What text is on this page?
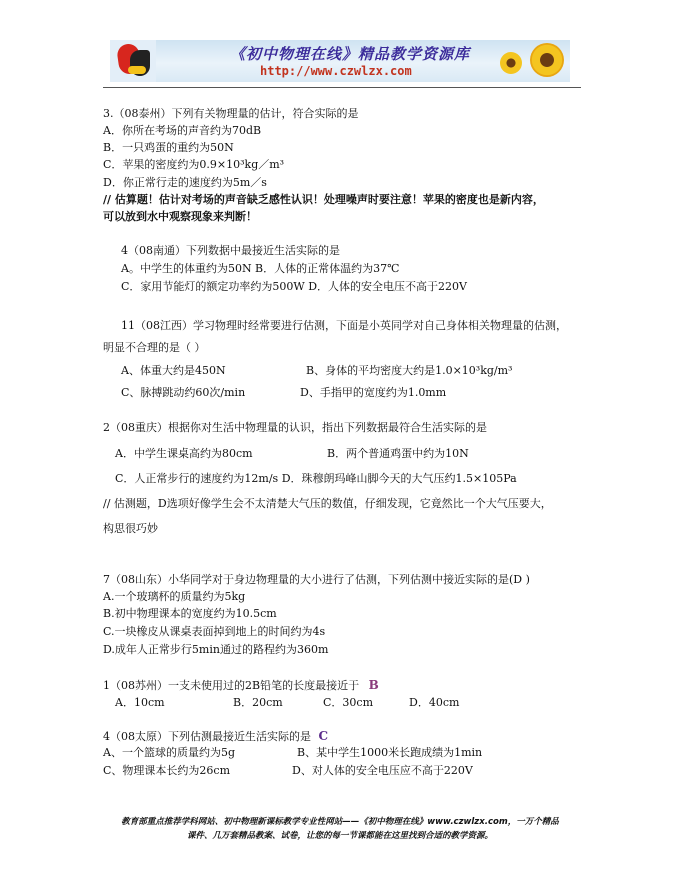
《初中物理在线》精品教学资源库
http://www.czwlzx.com
3.（08泰州）下列有关物理量的估计，符合实际的是
A．你所在考场的声音约为70dB
B．一只鸡蛋的重约为50N
C．苹果的密度约为0.9×10³kg／m³
D．你正常行走的速度约为5m／s
// 估算题！估计对考场的声音缺乏感性认识！处理噪声时要注意！苹果的密度也是新内容，
可以放到水中观察现象来判断！
4（08南通）下列数据中最接近生活实际的是
A。中学生的体重约为50N B．人体的正常体温约为37℃
C．家用节能灯的额定功率约为500W D．人体的安全电压不高于220V
11（08江西）学习物理时经常要进行估测，下面是小英同学对自己身体相关物理量的估测，
明显不合理的是（ ）
A、体重大约是450N	B、身体的平均密度大约是1.0×10³kg/m³
C、脉搏跳动约60次/min	D、手指甲的宽度约为1.0mm
2（08重庆）根据你对生活中物理量的认识，指出下列数据最符合生活实际的是
A．中学生课桌高约为80cm	B．两个普通鸡蛋中约为10N
C．人正常步行的速度约为12m/s D．珠穆朗玛峰山脚今天的大气压约1.5×105Pa
// 估测题，D选项好像学生会不太清楚大气压的数值，仔细发现，它竟然比一个大气压要大，
构思很巧妙
7（08山东）小华同学对于身边物理量的大小进行了估测，下列估测中接近实际的是(D )
A.一个玻璃杯的质量约为5kg
B.初中物理课本的宽度约为10.5cm
C.一块橡皮从课桌表面掉到地上的时间约为4s
D.成年人正常步行5min通过的路程约为360m
1（08苏州）一支未使用过的2B铅笔的长度最接近于 B
A．10cm	B．20cm	C．30cm	D．40cm
4（08太原）下列估测最接近生活实际的是 C
A、一个篮球的质量约为5g	B、某中学生1000米长跑成绩为1min
C、物理课本长约为26cm	D、对人体的安全电压应不高于220V
教育部重点推荐学科网站、初中物理新课标教学专业性网站——《初中物理在线》www.czwlzx.com，一万个精品
课件、几万套精品教案、试卷，让您的每一节课都能在这里找到合适的教学资源。
